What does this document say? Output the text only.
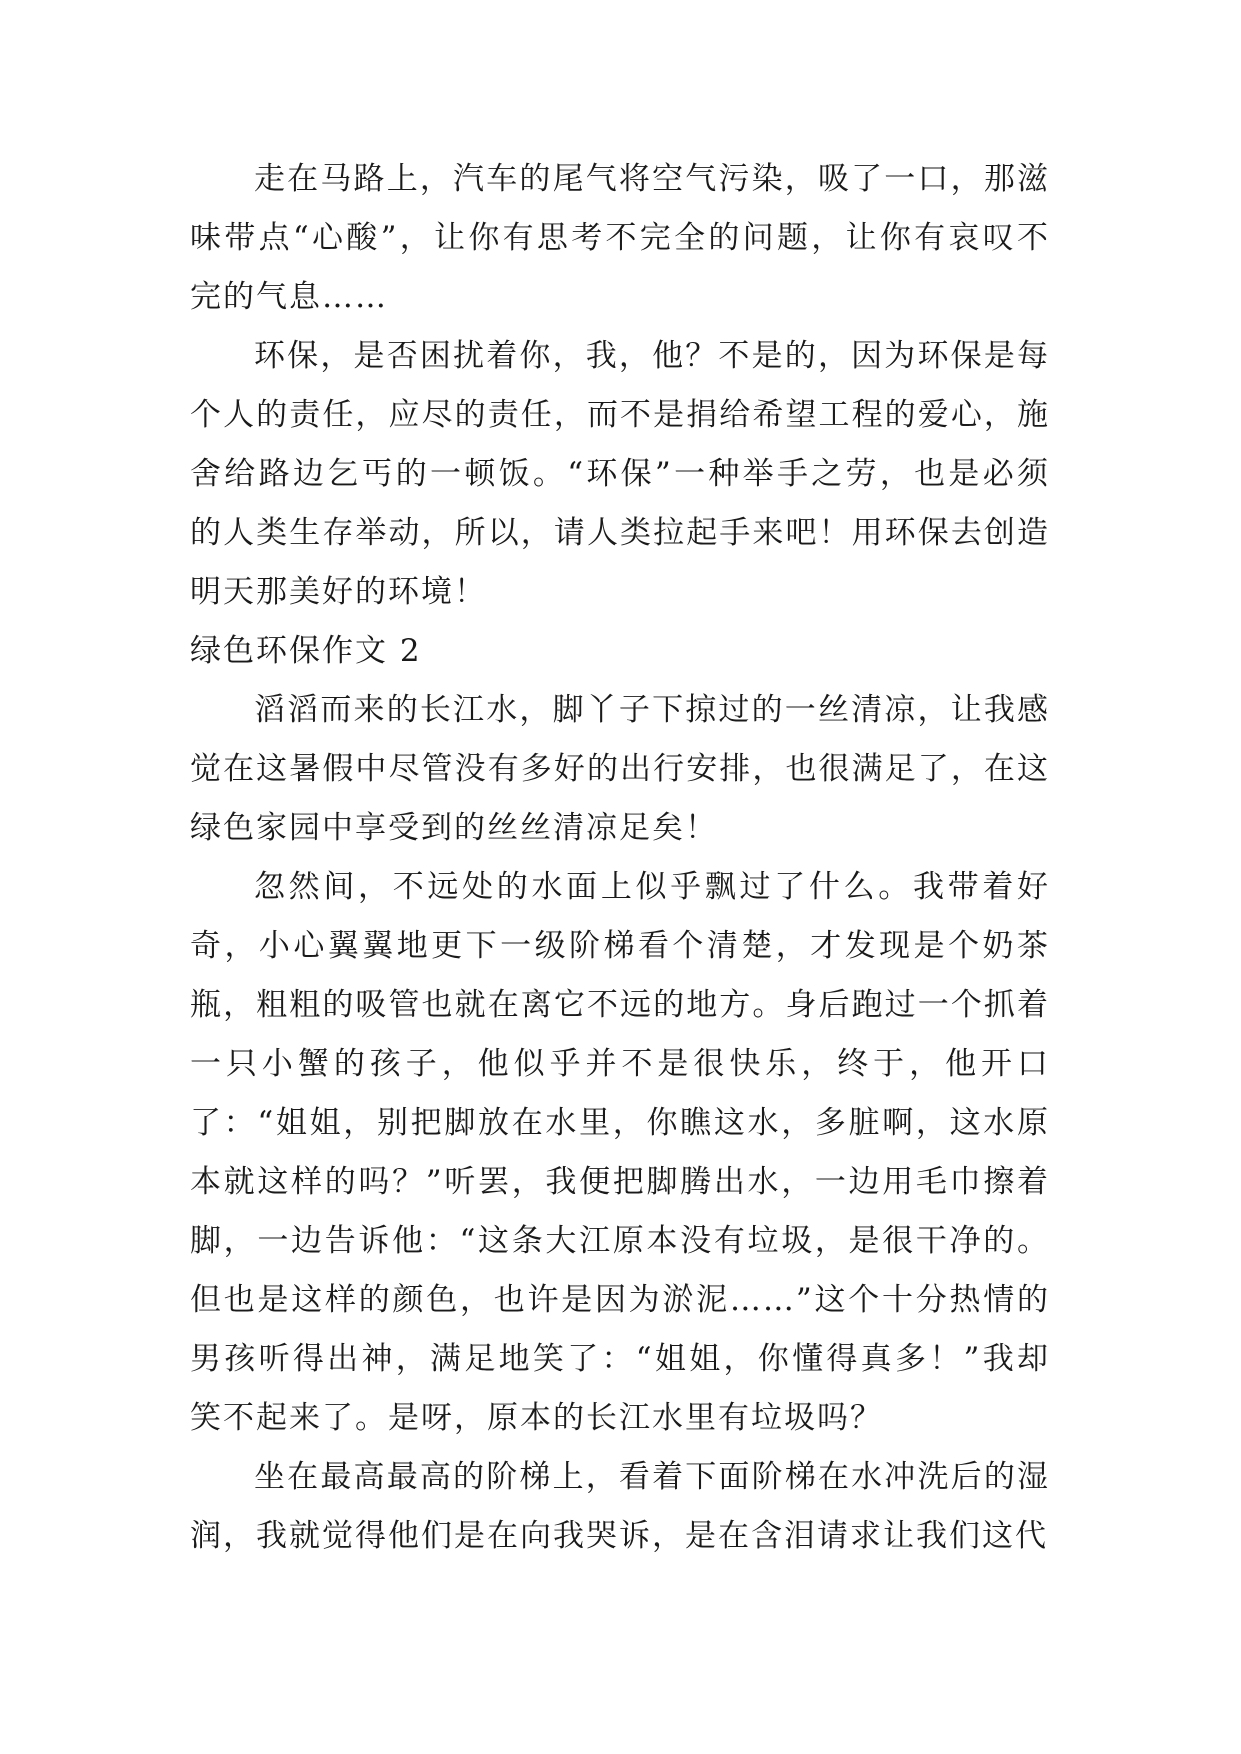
走在马路上，汽车的尾气将空气污染，吸了一口，那滋味带点“心酸”，让你有思考不完全的问题，让你有哀叹不完的气息……

环保，是否困扰着你，我，他？不是的，因为环保是每个人的责任，应尽的责任，而不是捐给希望工程的爱心，施舍给路边乞丐的一顿饭。“环保”一种举手之劳，也是必须的人类生存举动，所以，请人类拉起手来吧！用环保去创造明天那美好的环境！

绿色环保作文 2

滔滔而来的长江水，脚丫子下掠过的一丝清凉，让我感觉在这暑假中尽管没有多好的出行安排，也很满足了，在这绿色家园中享受到的丝丝清凉足矣！

忽然间，不远处的水面上似乎飘过了什么。我带着好奇，小心翼翼地更下一级阶梯看个清楚，才发现是个奶茶瓶，粗粗的吸管也就在离它不远的地方。身后跑过一个抓着一只小蟹的孩子，他似乎并不是很快乐，终于，他开口了：“姐姐，别把脚放在水里，你瞧这水，多脏啊，这水原本就这样的吗？”听罢，我便把脚腾出水，一边用毛巾擦着脚，一边告诉他：“这条大江原本没有垃圾，是很干净的。但也是这样的颜色，也许是因为淤泥……”这个十分热情的男孩听得出神，满足地笑了：“姐姐，你懂得真多！”我却笑不起来了。是呀，原本的长江水里有垃圾吗？

坐在最高最高的阶梯上，看着下面阶梯在水冲洗后的湿润，我就觉得他们是在向我哭诉，是在含泪请求让我们这代
